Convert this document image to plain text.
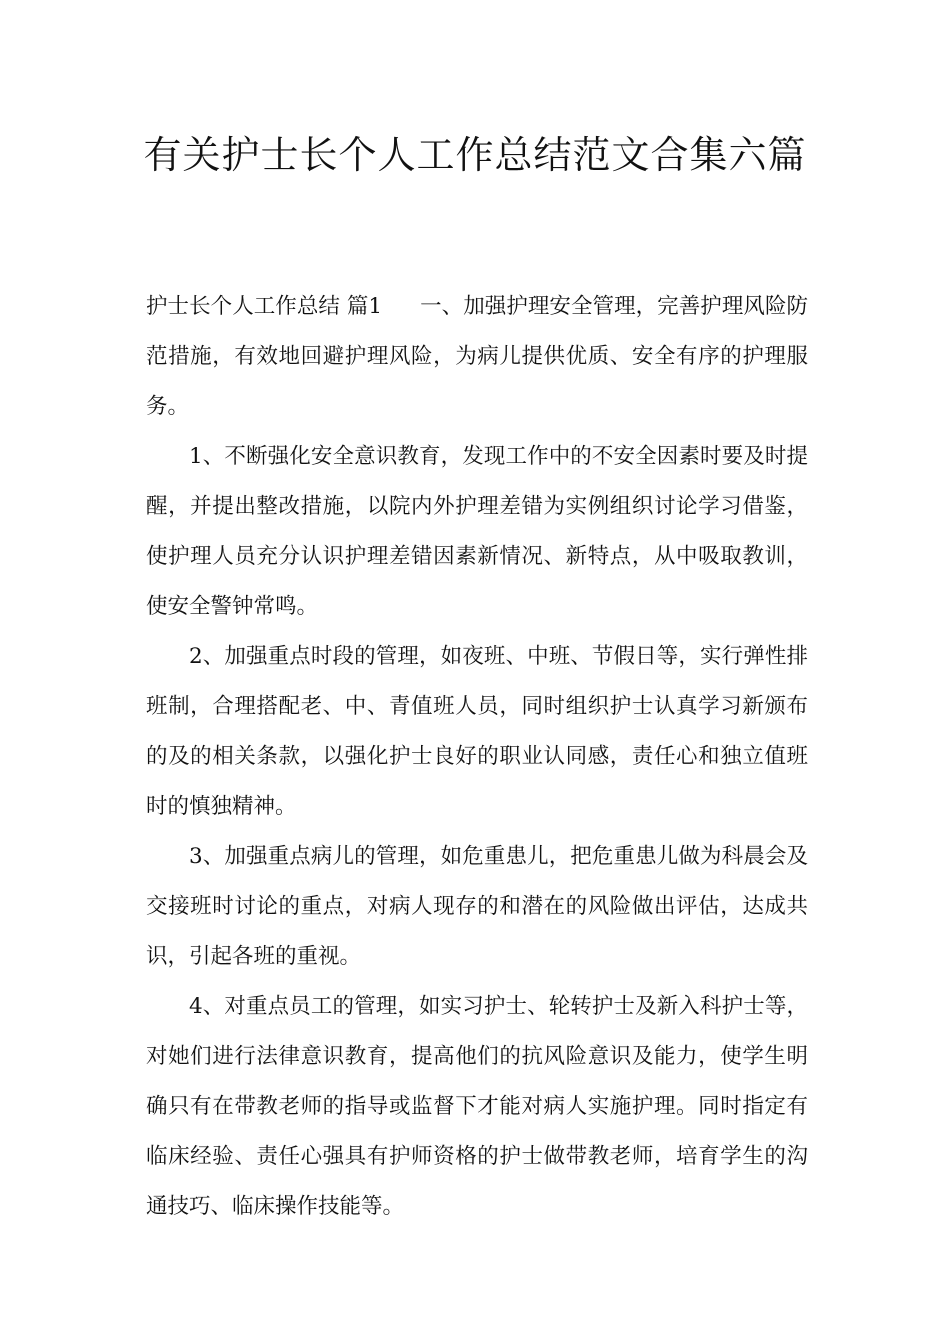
有关护士长个人工作总结范文合集六篇

护士长个人工作总结 篇1 一、加强护理安全管理，完善护理风险防范措施，有效地回避护理风险，为病儿提供优质、安全有序的护理服务。

1、不断强化安全意识教育，发现工作中的不安全因素时要及时提醒，并提出整改措施，以院内外护理差错为实例组织讨论学习借鉴，使护理人员充分认识护理差错因素新情况、新特点，从中吸取教训，使安全警钟常鸣。

2、加强重点时段的管理，如夜班、中班、节假日等，实行弹性排班制，合理搭配老、中、青值班人员，同时组织护士认真学习新颁布的及的相关条款，以强化护士良好的职业认同感，责任心和独立值班时的慎独精神。

3、加强重点病儿的管理，如危重患儿，把危重患儿做为科晨会及交接班时讨论的重点，对病人现存的和潜在的风险做出评估，达成共识，引起各班的重视。

4、对重点员工的管理，如实习护士、轮转护士及新入科护士等，对她们进行法律意识教育，提高他们的抗风险意识及能力，使学生明确只有在带教老师的指导或监督下才能对病人实施护理。同时指定有临床经验、责任心强具有护师资格的护士做带教老师，培育学生的沟通技巧、临床操作技能等。
